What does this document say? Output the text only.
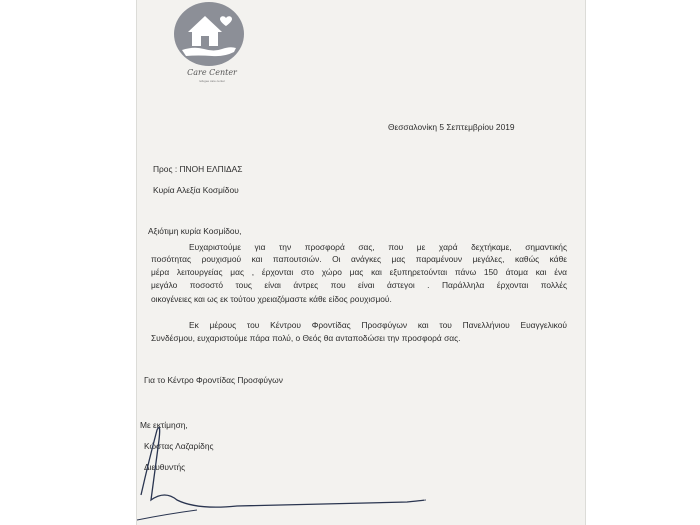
Care Center
refugee care center
Θεσσαλονίκη 5 Σεπτεμβρίου 2019
Προς : ΠΝΟΗ ΕΛΠΙΔΑΣ
Κυρία Αλεξία Κοσμίδου
Αξιότιμη κυρία Κοσμίδου,
Ευχαριστούμε για την προσφορά σας, που με χαρά δεχτήκαμε, σημαντικής
ποσότητας ρουχισμού και παπουτσιών. Οι ανάγκες μας παραμένουν μεγάλες, καθώς κάθε
μέρα λειτουργείας μας , έρχονται στο χώρο μας και εξυπηρετούνται πάνω 150 άτομα και ένα
μεγάλο ποσοστό τους είναι άντρες που είναι άστεγοι . Παράλληλα έρχονται πολλές
οικογένειες και ως εκ τούτου χρειαζόμαστε κάθε είδος ρουχισμού.
Εκ μέρους του Κέντρου Φροντίδας Προσφύγων και του Πανελλήνιου Ευαγγελικού
Συνδέσμου, ευχαριστούμε πάρα πολύ, ο Θεός θα ανταποδώσει την προσφορά σας.
Για το Κέντρο Φροντίδας Προσφύγων
Με εκτίμηση,
Κώστας Λαζαρίδης
Διευθυντής
